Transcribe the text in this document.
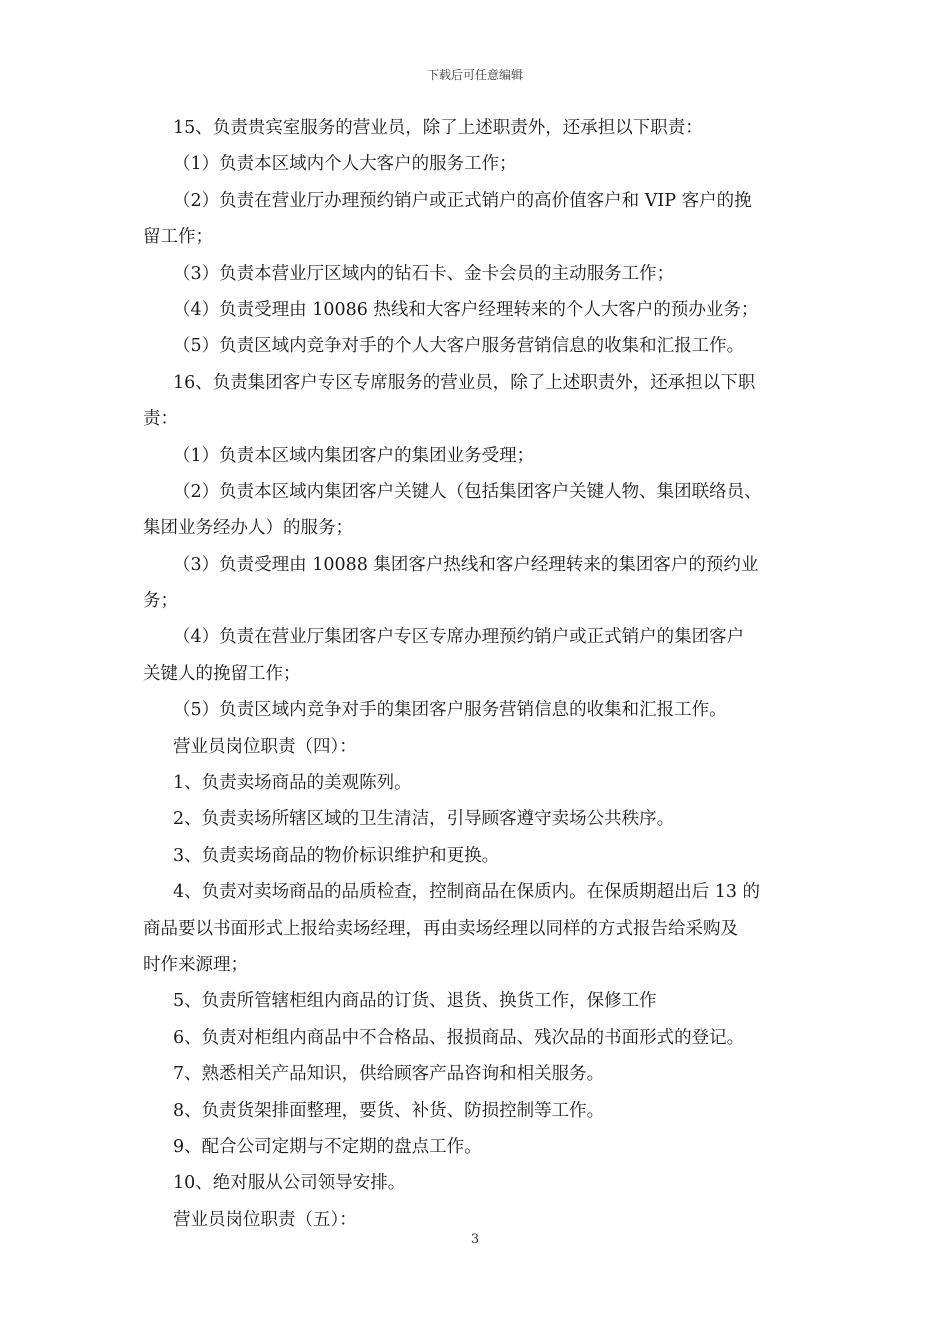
下载后可任意编辑
15、负责贵宾室服务的营业员，除了上述职责外，还承担以下职责：
（1）负责本区域内个人大客户的服务工作；
（2）负责在营业厅办理预约销户或正式销户的高价值客户和 VIP 客户的挽
留工作；
（3）负责本营业厅区域内的钻石卡、金卡会员的主动服务工作；
（4）负责受理由 10086 热线和大客户经理转来的个人大客户的预办业务；
（5）负责区域内竞争对手的个人大客户服务营销信息的收集和汇报工作。
16、负责集团客户专区专席服务的营业员，除了上述职责外，还承担以下职
责：
（1）负责本区域内集团客户的集团业务受理；
（2）负责本区域内集团客户关键人（包括集团客户关键人物、集团联络员、
集团业务经办人）的服务；
（3）负责受理由 10088 集团客户热线和客户经理转来的集团客户的预约业
务；
（4）负责在营业厅集团客户专区专席办理预约销户或正式销户的集团客户
关键人的挽留工作；
（5）负责区域内竞争对手的集团客户服务营销信息的收集和汇报工作。
营业员岗位职责（四）：
1、负责卖场商品的美观陈列。
2、负责卖场所辖区域的卫生清洁，引导顾客遵守卖场公共秩序。
3、负责卖场商品的物价标识维护和更换。
4、负责对卖场商品的品质检查，控制商品在保质内。在保质期超出后 13 的
商品要以书面形式上报给卖场经理，再由卖场经理以同样的方式报告给采购及
时作来源理；
5、负责所管辖柜组内商品的订货、退货、换货工作，保修工作
6、负责对柜组内商品中不合格品、报损商品、残次品的书面形式的登记。
7、熟悉相关产品知识，供给顾客产品咨询和相关服务。
8、负责货架排面整理，要货、补货、防损控制等工作。
9、配合公司定期与不定期的盘点工作。
10、绝对服从公司领导安排。
营业员岗位职责（五）：
3
